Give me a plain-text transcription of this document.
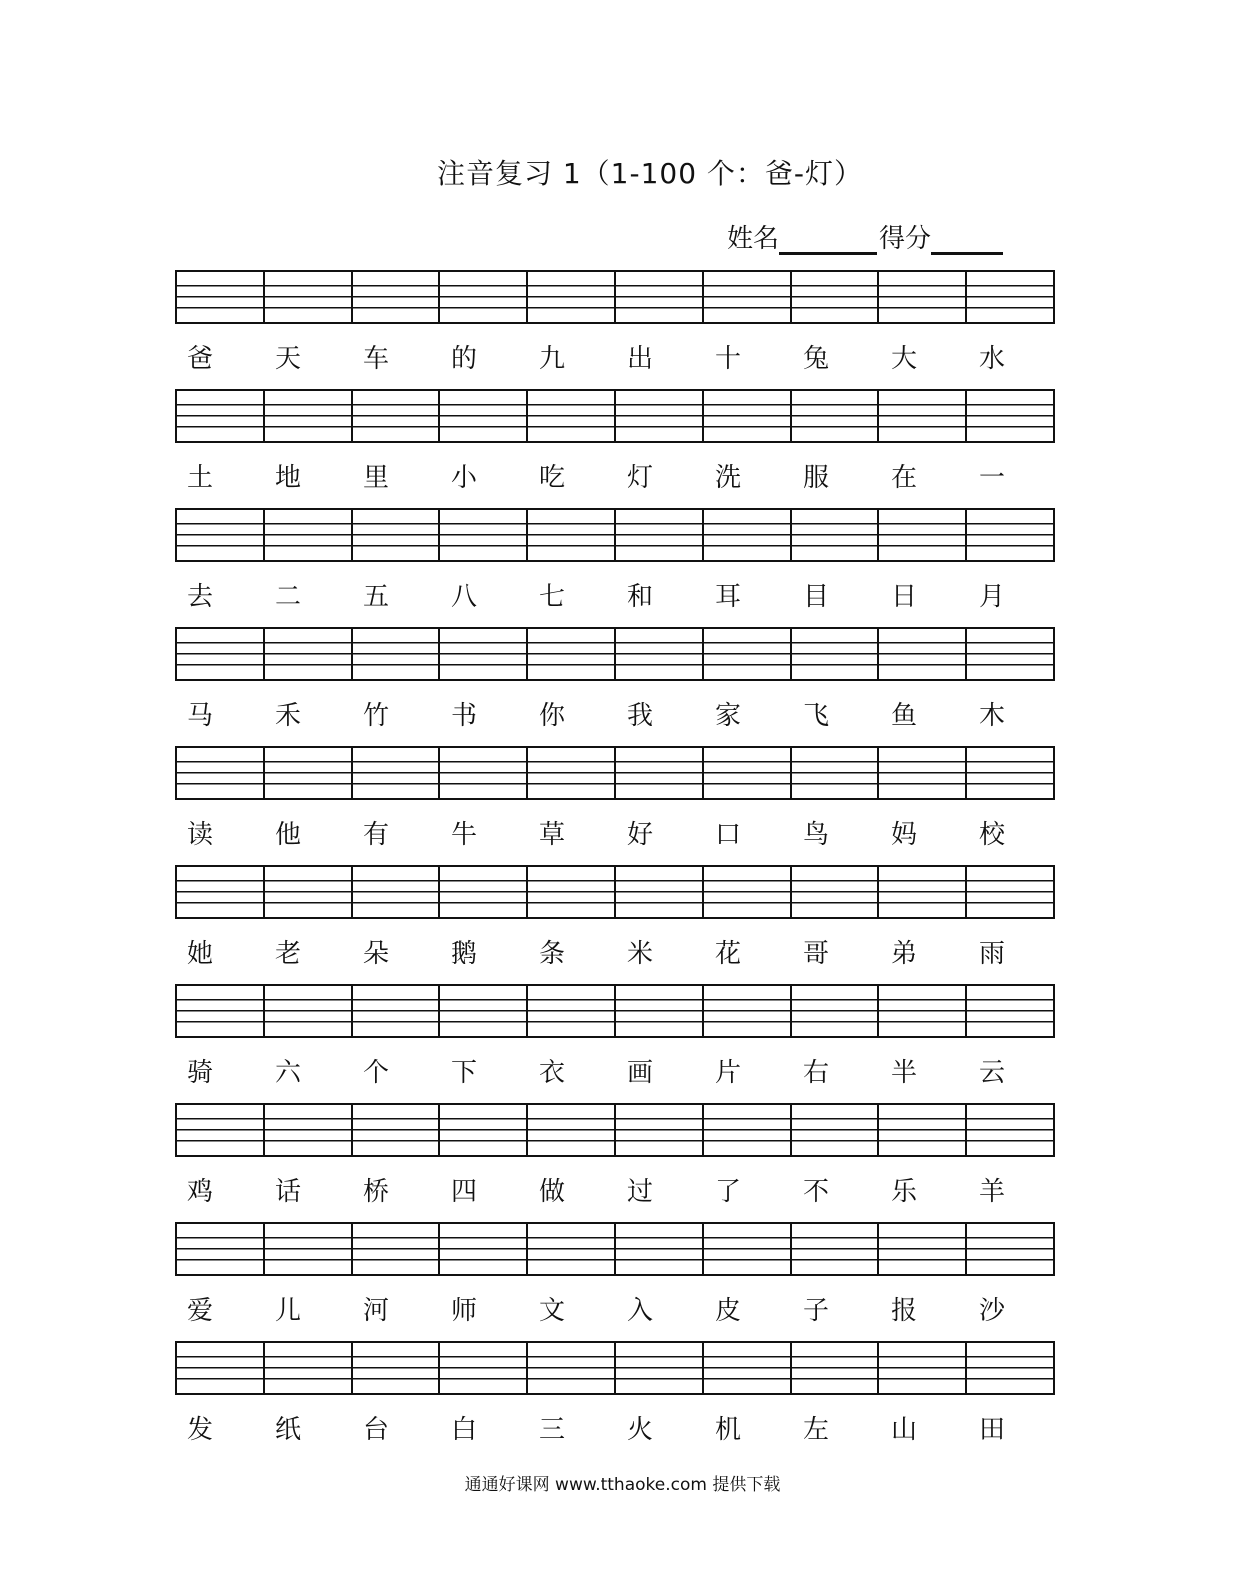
注音复习 1（1-100 个：爸-灯）
姓名	得分
爸	天	车	的	九	出	十	兔	大	水
土	地	里	小	吃	灯	洗	服	在	一
去	二	五	八	七	和	耳	目	日	月
马	禾	竹	书	你	我	家	飞	鱼	木
读	他	有	牛	草	好	口	鸟	妈	校
她	老	朵	鹅	条	米	花	哥	弟	雨
骑	六	个	下	衣	画	片	右	半	云
鸡	话	桥	四	做	过	了	不	乐	羊
爱	儿	河	师	文	入	皮	子	报	沙
发	纸	台	白	三	火	机	左	山	田
通通好课网 www.tthaoke.com 提供下载
